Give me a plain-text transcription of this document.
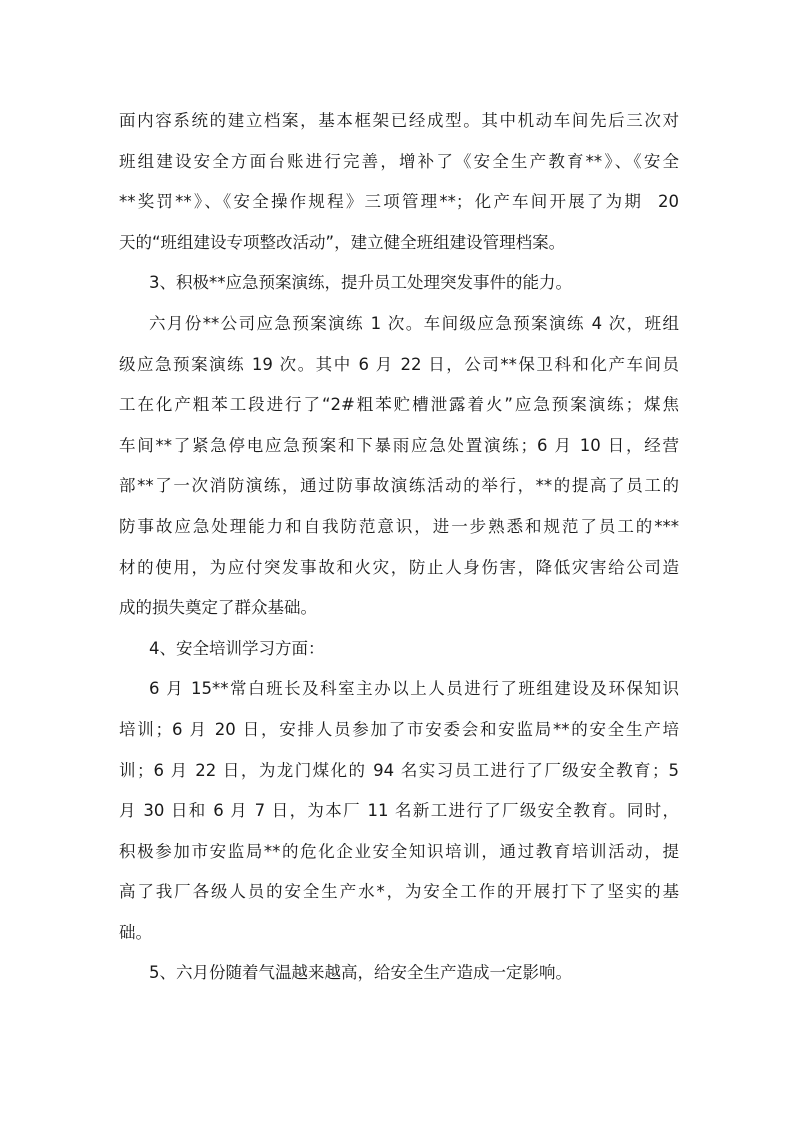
面内容系统的建立档案，基本框架已经成型。其中机动车间先后三次对
班组建设安全方面台账进行完善，增补了《安全生产教育**》、《安全
**奖罚**》、《安全操作规程》三项管理**；化产车间开展了为期  20
天的“班组建设专项整改活动”，建立健全班组建设管理档案。
3、积极**应急预案演练，提升员工处理突发事件的能力。
六月份**公司应急预案演练 1 次。车间级应急预案演练 4 次，班组
级应急预案演练 19 次。其中 6 月 22 日，公司**保卫科和化产车间员
工在化产粗苯工段进行了“2#粗苯贮槽泄露着火”应急预案演练；煤焦
车间**了紧急停电应急预案和下暴雨应急处置演练；6 月 10 日，经营
部**了一次消防演练，通过防事故演练活动的举行，**的提高了员工的
防事故应急处理能力和自我防范意识，进一步熟悉和规范了员工的***
材的使用，为应付突发事故和火灾，防止人身伤害，降低灾害给公司造
成的损失奠定了群众基础。
4、安全培训学习方面：
6 月 15**常白班长及科室主办以上人员进行了班组建设及环保知识
培训；6 月 20 日，安排人员参加了市安委会和安监局**的安全生产培
训；6 月 22 日，为龙门煤化的 94 名实习员工进行了厂级安全教育；5
月 30 日和 6 月 7 日，为本厂 11 名新工进行了厂级安全教育。同时，
积极参加市安监局**的危化企业安全知识培训，通过教育培训活动，提
高了我厂各级人员的安全生产水*，为安全工作的开展打下了坚实的基
础。
5、六月份随着气温越来越高，给安全生产造成一定影响。
